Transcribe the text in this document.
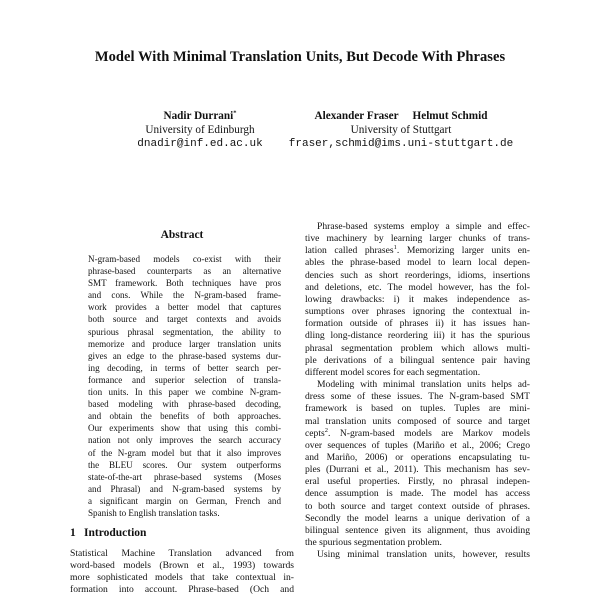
Model With Minimal Translation Units, But Decode With Phrases
Nadir Durrani*
University of Edinburgh
dnadir@inf.ed.ac.uk
Alexander Fraser Helmut Schmid
University of Stuttgart
fraser,schmid@ims.uni-stuttgart.de
Abstract
N-gram-based models co-exist with their
phrase-based counterparts as an alternative
SMT framework. Both techniques have pros
and cons. While the N-gram-based frame-
work provides a better model that captures
both source and target contexts and avoids
spurious phrasal segmentation, the ability to
memorize and produce larger translation units
gives an edge to the phrase-based systems dur-
ing decoding, in terms of better search per-
formance and superior selection of transla-
tion units. In this paper we combine N-gram-
based modeling with phrase-based decoding,
and obtain the benefits of both approaches.
Our experiments show that using this combi-
nation not only improves the search accuracy
of the N-gram model but that it also improves
the BLEU scores. Our system outperforms
state-of-the-art phrase-based systems (Moses
and Phrasal) and N-gram-based systems by
a significant margin on German, French and
Spanish to English translation tasks.
1 Introduction
Statistical Machine Translation advanced from
word-based models (Brown et al., 1993) towards
more sophisticated models that take contextual in-
formation into account. Phrase-based (Och and
Phrase-based systems employ a simple and effec-
tive machinery by learning larger chunks of trans-
lation called phrases$^1$. Memorizing larger units en-
ables the phrase-based model to learn local depen-
dencies such as short reorderings, idioms, insertions
and deletions, etc. The model however, has the fol-
lowing drawbacks: i) it makes independence as-
sumptions over phrases ignoring the contextual in-
formation outside of phrases ii) it has issues han-
dling long-distance reordering iii) it has the spurious
phrasal segmentation problem which allows multi-
ple derivations of a bilingual sentence pair having
different model scores for each segmentation.
Modeling with minimal translation units helps ad-
dress some of these issues. The N-gram-based SMT
framework is based on tuples. Tuples are mini-
mal translation units composed of source and target
cepts$^2$. N-gram-based models are Markov models
over sequences of tuples (Mariño et al., 2006; Crego
and Mariño, 2006) or operations encapsulating tu-
ples (Durrani et al., 2011). This mechanism has sev-
eral useful properties. Firstly, no phrasal indepen-
dence assumption is made. The model has access
to both source and target context outside of phrases.
Secondly the model learns a unique derivation of a
bilingual sentence given its alignment, thus avoiding
the spurious segmentation problem.
Using minimal translation units, however, results
